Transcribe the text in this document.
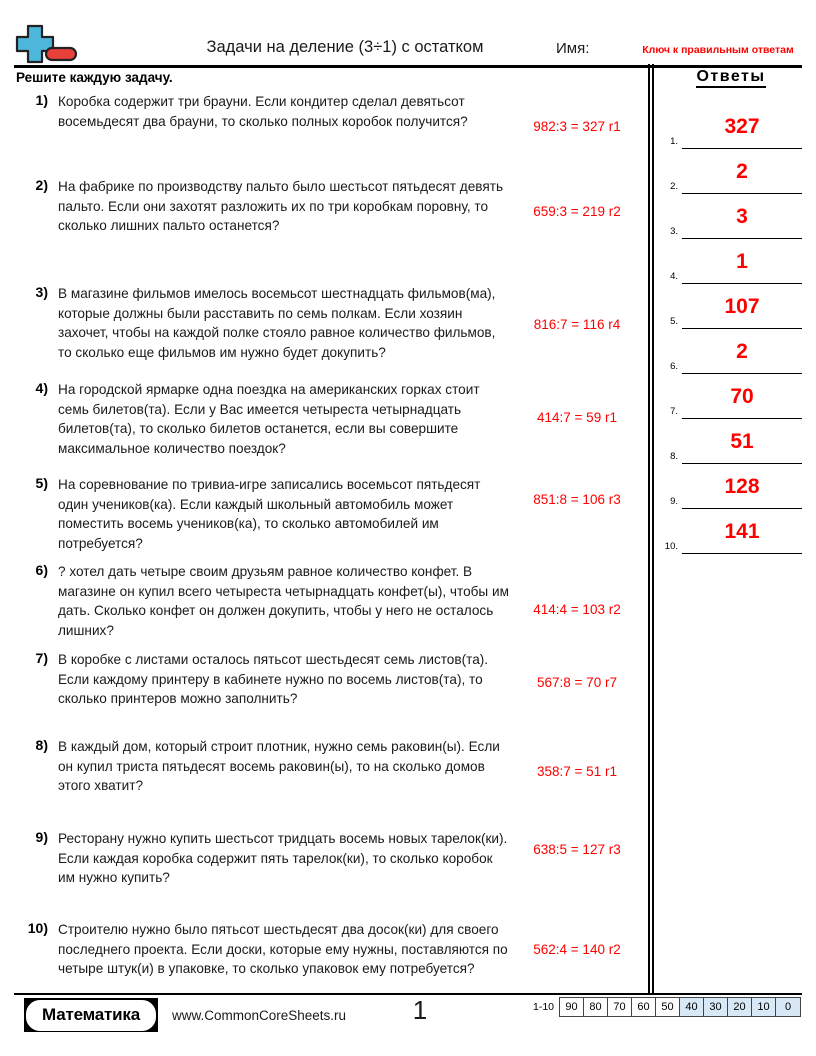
Задачи на деление (3÷1) с остатком	Имя:	Ключ к правильным ответам
Решите каждую задачу.	Ответы
1) Коробка содержит три брауни. Если кондитер сделал девятьсот восемьдесят два брауни, то сколько полных коробок получится?	982:3 = 327 r1
2) На фабрике по производству пальто было шестьсот пятьдесят девять пальто. Если они захотят разложить их по три коробкам поровну, то сколько лишних пальто останется?
659:3 = 219 r2
3) В магазине фильмов имелось восемьсот шестнадцать фильмов(ма), которые должны были расставить по семь полкам. Если хозяин захочет, чтобы на каждой полке стояло равное количество фильмов, то сколько еще фильмов им нужно будет докупить?
816:7 = 116 r4
4) На городской ярмарке одна поездка на американских горках стоит семь билетов(та). Если у Вас имеется четыреста четырнадцать билетов(та), то сколько билетов останется, если вы совершите максимальное количество поездок?
414:7 = 59 r1
5) На соревнование по тривиа-игре записались восемьсот пятьдесят один учеников(ка). Если каждый школьный автомобиль может поместить восемь учеников(ка), то сколько автомобилей им потребуется?
851:8 = 106 r3
6) ? хотел дать четыре своим друзьям равное количество конфет. В магазине он купил всего четыреста четырнадцать конфет(ы), чтобы им дать. Сколько конфет он должен докупить, чтобы у него не осталось лишних?
414:4 = 103 r2
7) В коробке с листами осталось пятьсот шестьдесят семь листов(та). Если каждому принтеру в кабинете нужно по восемь листов(та), то сколько принтеров можно заполнить?
567:8 = 70 r7
8) В каждый дом, который строит плотник, нужно семь раковин(ы). Если он купил триста пятьдесят восемь раковин(ы), то на сколько домов этого хватит?
358:7 = 51 r1
9) Ресторану нужно купить шестьсот тридцать восемь новых тарелок(ки). Если каждая коробка содержит пять тарелок(ки), то сколько коробок им нужно купить?
638:5 = 127 r3
10) Строителю нужно было пятьсот шестьдесят два досок(ки) для своего последнего проекта. Если доски, которые ему нужны, поставляются по четыре штук(и) в упаковке, то сколько упаковок ему потребуется?
562:4 = 140 r2
1.
327
2.
2
3.
3
4.
1
5.
107
6.
2
7.
70
8.
51
9.
128
10.
141
Математика www.CommonCoreSheets.ru	1	1-10	90	80	70	60	50	40	30	20	10	0
